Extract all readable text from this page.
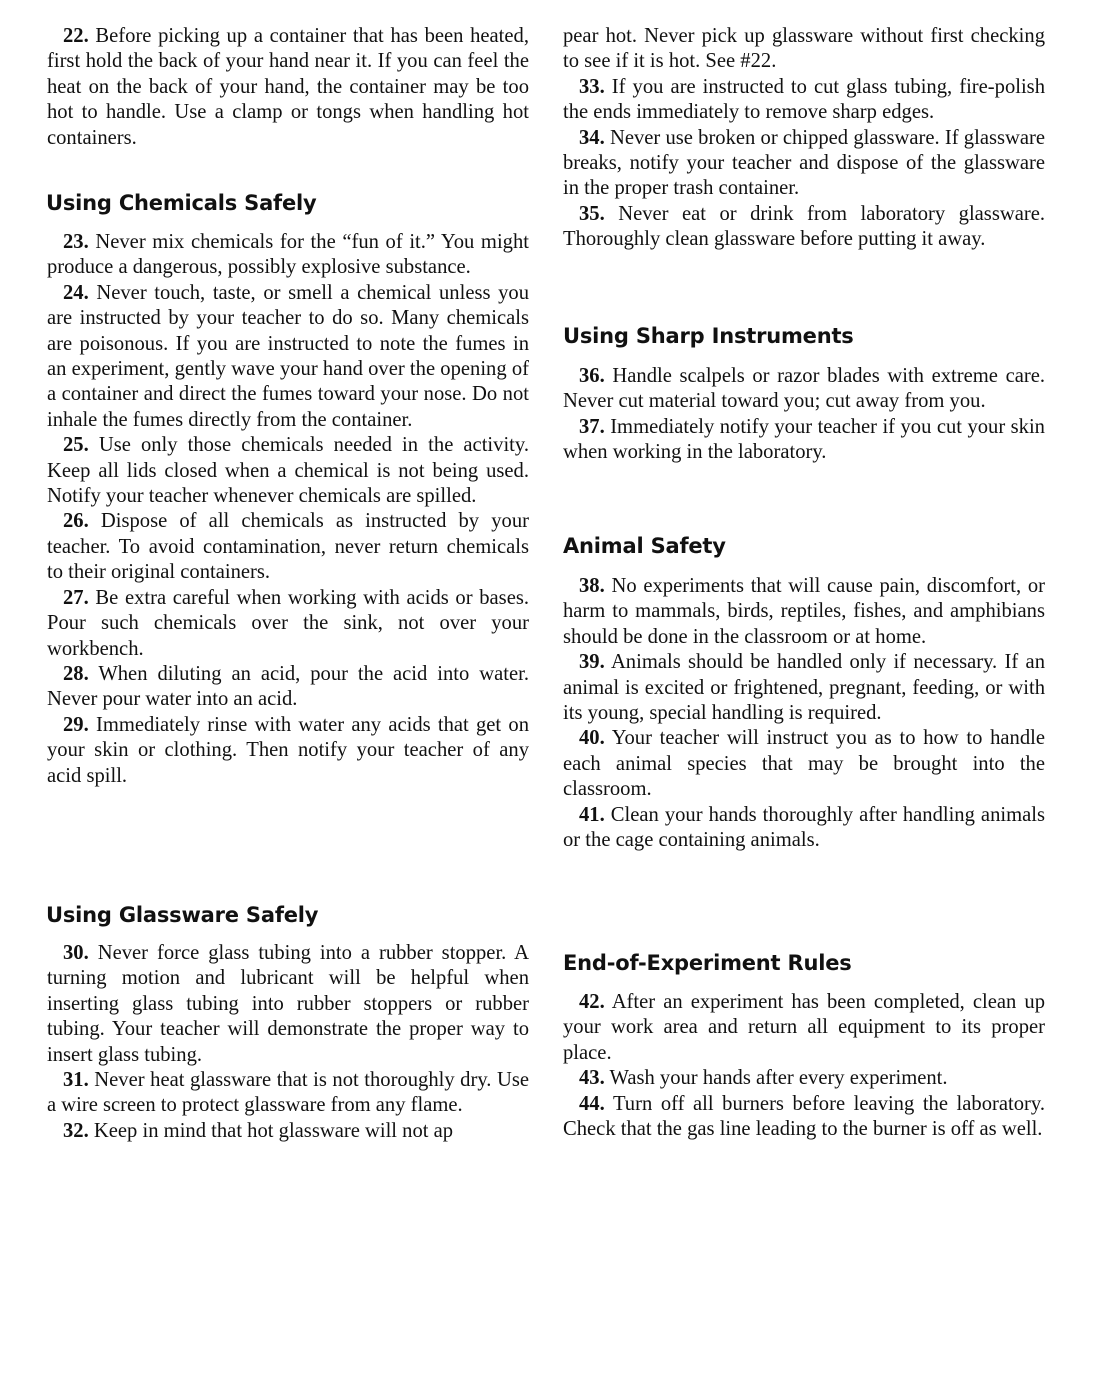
22. Before picking up a container that has been heated, first hold the back of your hand near it. If you can feel the heat on the back of your hand, the container may be too hot to handle. Use a clamp or tongs when handling hot containers.

Using Chemicals Safely

23. Never mix chemicals for the “fun of it.” You might produce a dangerous, possibly explosive substance.

24. Never touch, taste, or smell a chemical unless you are instructed by your teacher to do so. Many chemicals are poisonous. If you are instructed to note the fumes in an experiment, gently wave your hand over the opening of a container and direct the fumes toward your nose. Do not inhale the fumes directly from the container.

25. Use only those chemicals needed in the activity. Keep all lids closed when a chemical is not being used. Notify your teacher whenever chemicals are spilled.

26. Dispose of all chemicals as instructed by your teacher. To avoid contamination, never return chemicals to their original containers.

27. Be extra careful when working with acids or bases. Pour such chemicals over the sink, not over your workbench.

28. When diluting an acid, pour the acid into water. Never pour water into an acid.

29. Immediately rinse with water any acids that get on your skin or clothing. Then notify your teacher of any acid spill.

Using Glassware Safely

30. Never force glass tubing into a rubber stopper. A turning motion and lubricant will be helpful when inserting glass tubing into rubber stoppers or rubber tubing. Your teacher will demonstrate the proper way to insert glass tubing.

31. Never heat glassware that is not thoroughly dry. Use a wire screen to protect glassware from any flame.

32. Keep in mind that hot glassware will not ap

pear hot. Never pick up glassware without first checking to see if it is hot. See #22.

33. If you are instructed to cut glass tubing, fire-polish the ends immediately to remove sharp edges.

34. Never use broken or chipped glassware. If glassware breaks, notify your teacher and dispose of the glassware in the proper trash container.

35. Never eat or drink from laboratory glassware. Thoroughly clean glassware before putting it away.

Using Sharp Instruments

36. Handle scalpels or razor blades with extreme care. Never cut material toward you; cut away from you.

37. Immediately notify your teacher if you cut your skin when working in the laboratory.

Animal Safety

38. No experiments that will cause pain, discomfort, or harm to mammals, birds, reptiles, fishes, and amphibians should be done in the classroom or at home.

39. Animals should be handled only if necessary. If an animal is excited or frightened, pregnant, feeding, or with its young, special handling is required.

40. Your teacher will instruct you as to how to handle each animal species that may be brought into the classroom.

41. Clean your hands thoroughly after handling animals or the cage containing animals.

End-of-Experiment Rules

42. After an experiment has been completed, clean up your work area and return all equipment to its proper place.

43. Wash your hands after every experiment.

44. Turn off all burners before leaving the laboratory. Check that the gas line leading to the burner is off as well.
